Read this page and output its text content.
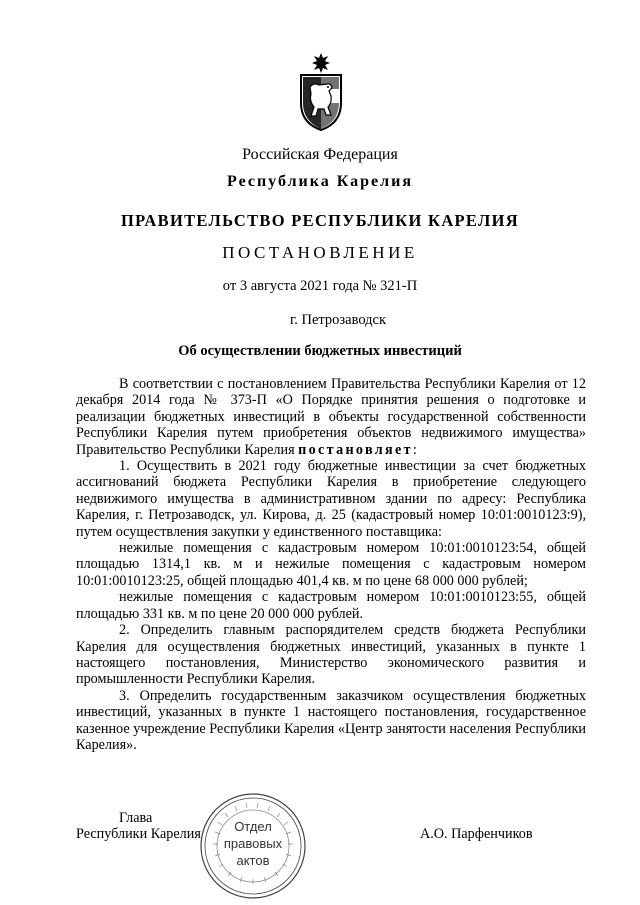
Российская Федерация
Республика Карелия
ПРАВИТЕЛЬСТВО РЕСПУБЛИКИ КАРЕЛИЯ
ПОСТАНОВЛЕНИЕ
от 3 августа 2021 года № 321-П
г. Петрозаводск
Об осуществлении бюджетных инвестиций

В соответствии с постановлением Правительства Республики Карелия от 12 декабря 2014 года № 373-П «О Порядке принятия решения о подготовке и реализации бюджетных инвестиций в объекты государственной собственности Республики Карелия путем приобретения объектов недвижимого имущества» Правительство Республики Карелия постановляет:

1. Осуществить в 2021 году бюджетные инвестиции за счет бюджетных ассигнований бюджета Республики Карелия в приобретение следующего недвижимого имущества в административном здании по адресу: Республика Карелия, г. Петрозаводск, ул. Кирова, д. 25 (кадастровый номер 10:01:0010123:9), путем осуществления закупки у единственного поставщика:

нежилые помещения с кадастровым номером 10:01:0010123:54, общей площадью 1314,1 кв. м и нежилые помещения с кадастровым номером 10:01:0010123:25, общей площадью 401,4 кв. м по цене 68 000 000 рублей;

нежилые помещения с кадастровым номером 10:01:0010123:55, общей площадью 331 кв. м по цене 20 000 000 рублей.

2. Определить главным распорядителем средств бюджета Республики Карелия для осуществления бюджетных инвестиций, указанных в пункте 1 настоящего постановления, Министерство экономического развития и промышленности Республики Карелия.

3. Определить государственным заказчиком осуществления бюджетных инвестиций, указанных в пункте 1 настоящего постановления, государственное казенное учреждение Республики Карелия «Центр занятости населения Республики Карелия».

Глава
Республики Карелия	А.О. Парфенчиков
Отдел
правовых
актов
